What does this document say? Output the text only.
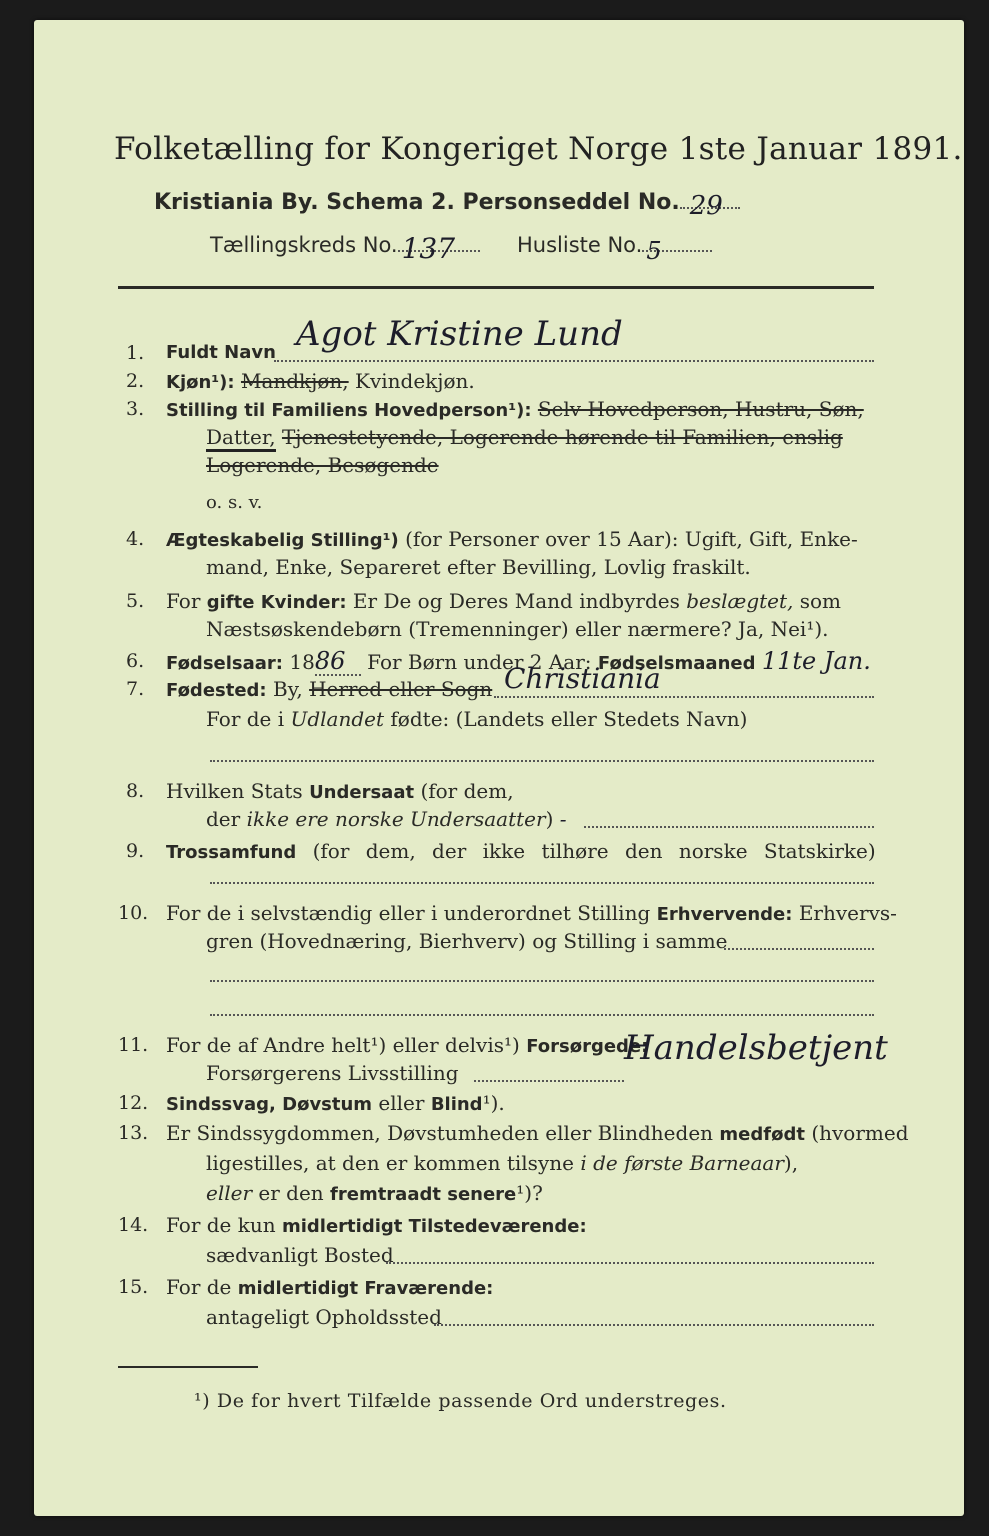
Folketælling for Kongeriget Norge 1ste Januar 1891.
Kristiania By. Schema 2. Personseddel No. 29
Tællingskreds No. 137	Husliste No. 5
1. Fuldt Navn Agot Kristine Lund
2. Kjøn¹): Mandkjøn, Kvindekjøn.
3. Stilling til Familiens Hovedperson¹): Selv Hovedperson, Hustru, Søn,
Datter, Tjenestetyende, Logerende hørende til Familien, enslig
Logerende, Besøgende
o. s. v.
4. Ægteskabelig Stilling¹) (for Personer over 15 Aar): Ugift, Gift, Enke-
mand, Enke, Separeret efter Bevilling, Lovlig fraskilt.
5. For gifte Kvinder: Er De og Deres Mand indbyrdes beslægtet, som
Næstsøskendebørn (Tremenninger) eller nærmere? Ja, Nei¹).
6. Fødselsaar: 1886 For Børn under 2 Aar: Fødselsmaaned 11te Jan.
7. Fødested: By, Herred eller Sogn Christiania
For de i Udlandet fødte: (Landets eller Stedets Navn)
8. Hvilken Stats Undersaat (for dem,
der ikke ere norske Undersaatter) -
9. Trossamfund (for dem, der ikke tilhøre den norske Statskirke)
10. For de i selvstændig eller i underordnet Stilling Erhvervende: Erhvervs-
gren (Hovednæring, Bierhverv) og Stilling i samme
11. For de af Andre helt¹) eller delvis¹) Forsørgede:
Forsørgerens Livsstilling
Handelsbetjent
12. Sindssvag, Døvstum eller Blind¹).
13. Er Sindssygdommen, Døvstumheden eller Blindheden medfødt (hvormed
ligestilles, at den er kommen tilsyne i de første Barneaar),
eller er den fremtraadt senere¹)?
14. For de kun midlertidigt Tilstedeværende:
sædvanligt Bosted
15. For de midlertidigt Fraværende:
antageligt Opholdssted
¹) De for hvert Tilfælde passende Ord understreges.
